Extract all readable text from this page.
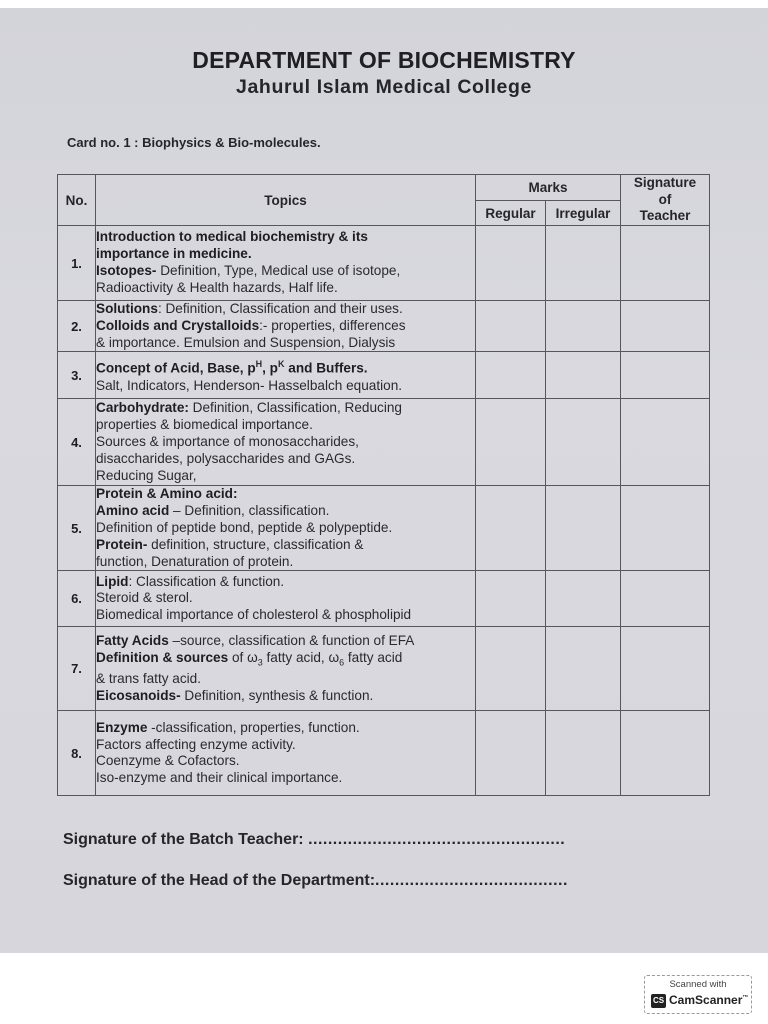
DEPARTMENT OF BIOCHEMISTRY
Jahurul Islam Medical College
Card no. 1 : Biophysics & Bio-molecules.
No.	Topics	Marks		Signature
of
Teacher

		Regular	Irregular	
1.	Introduction to medical biochemistry & its
importance in medicine.
Isotopes- Definition, Type, Medical use of isotope,
Radioactivity & Health hazards, Half life.			

2.	Solutions: Definition, Classification and their uses.
Colloids and Crystalloids:- properties, differences
& importance. Emulsion and Suspension, Dialysis			

3.	Concept of Acid, Base, $p^H$, $p^K$ and Buffers.
Salt, Indicators, Henderson- Hasselbalch equation.			

4.	Carbohydrate: Definition, Classification, Reducing
properties & biomedical importance.
Sources & importance of monosaccharides,
disaccharides, polysaccharides and GAGs.
Reducing Sugar,			

5.	Protein & Amino acid:
Amino acid – Definition, classification.
Definition of peptide bond, peptide & polypeptide.
Protein- definition, structure, classification &
function, Denaturation of protein.			

6.	Lipid: Classification & function.
Steroid & sterol.
Biomedical importance of cholesterol & phospholipid			

7.	Fatty Acids –source, classification & function of EFA
Definition & sources of $\omega_3$ fatty acid, $\omega_6$ fatty acid
& trans fatty acid.
Eicosanoids- Definition, synthesis & function.			

8.	Enzyme -classification, properties, function.
Factors affecting enzyme activity.
Coenzyme & Cofactors.
Iso-enzyme and their clinical importance.			

Signature of the Batch Teacher: ....................................................
Signature of the Head of the Department:.......................................
Scanned with
CS CamScanner™
